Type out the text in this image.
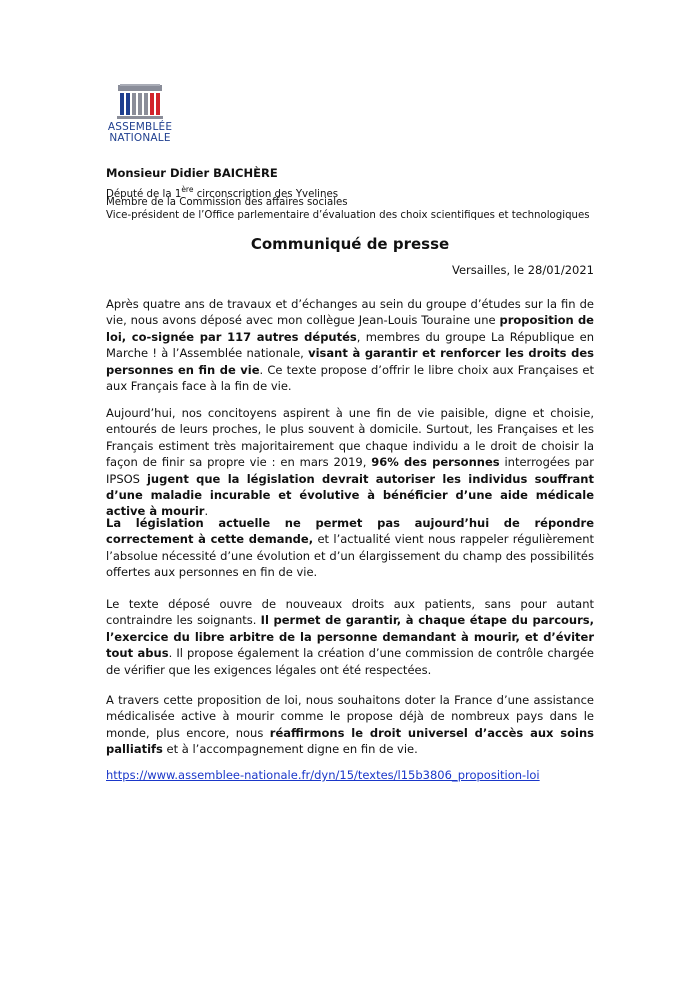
ASSEMBLÉE
NATIONALE
Monsieur Didier BAICHÈRE
Député de la 1ère circonscription des Yvelines
Membre de la Commission des affaires sociales
Vice-président de l’Office parlementaire d’évaluation des choix scientifiques et technologiques
Communiqué de presse
Versailles, le 28/01/2021
Après quatre ans de travaux et d’échanges au sein du groupe d’études sur la fin de vie, nous avons déposé avec mon collègue Jean-Louis Touraine une proposition de loi, co-signée par 117 autres députés, membres du groupe La République en Marche ! à l’Assemblée nationale, visant à garantir et renforcer les droits des personnes en fin de vie. Ce texte propose d’offrir le libre choix aux Françaises et aux Français face à la fin de vie.
Aujourd’hui, nos concitoyens aspirent à une fin de vie paisible, digne et choisie, entourés de leurs proches, le plus souvent à domicile. Surtout, les Françaises et les Français estiment très majoritairement que chaque individu a le droit de choisir la façon de finir sa propre vie : en mars 2019, 96% des personnes interrogées par IPSOS jugent que la législation devrait autoriser les individus souffrant d’une maladie incurable et évolutive à bénéficier d’une aide médicale active à mourir.
La législation actuelle ne permet pas aujourd’hui de répondre correctement à cette demande, et l’actualité vient nous rappeler régulièrement l’absolue nécessité d’une évolution et d’un élargissement du champ des possibilités offertes aux personnes en fin de vie.
Le texte déposé ouvre de nouveaux droits aux patients, sans pour autant contraindre les soignants. Il permet de garantir, à chaque étape du parcours, l’exercice du libre arbitre de la personne demandant à mourir, et d’éviter tout abus. Il propose également la création d’une commission de contrôle chargée de vérifier que les exigences légales ont été respectées.
A travers cette proposition de loi, nous souhaitons doter la France d’une assistance médicalisée active à mourir comme le propose déjà de nombreux pays dans le monde, plus encore, nous réaffirmons le droit universel d’accès aux soins palliatifs et à l’accompagnement digne en fin de vie.
https://www.assemblee-nationale.fr/dyn/15/textes/l15b3806_proposition-loi
